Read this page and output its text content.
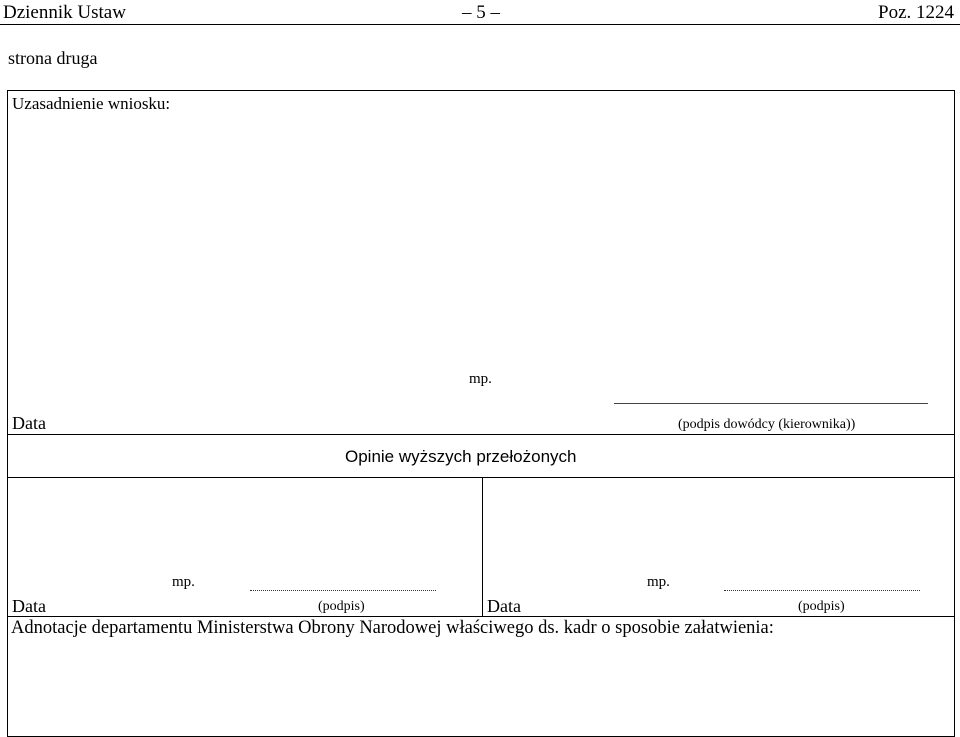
Dziennik Ustaw	– 5 –	Poz. 1224
strona druga
Uzasadnienie wniosku:
mp.
Data	(podpis dowódcy (kierownika))
Opinie wyższych przełożonych
mp.
Data	(podpis)
mp.
Data	(podpis)
Adnotacje departamentu Ministerstwa Obrony Narodowej właściwego ds. kadr o sposobie załatwienia:
